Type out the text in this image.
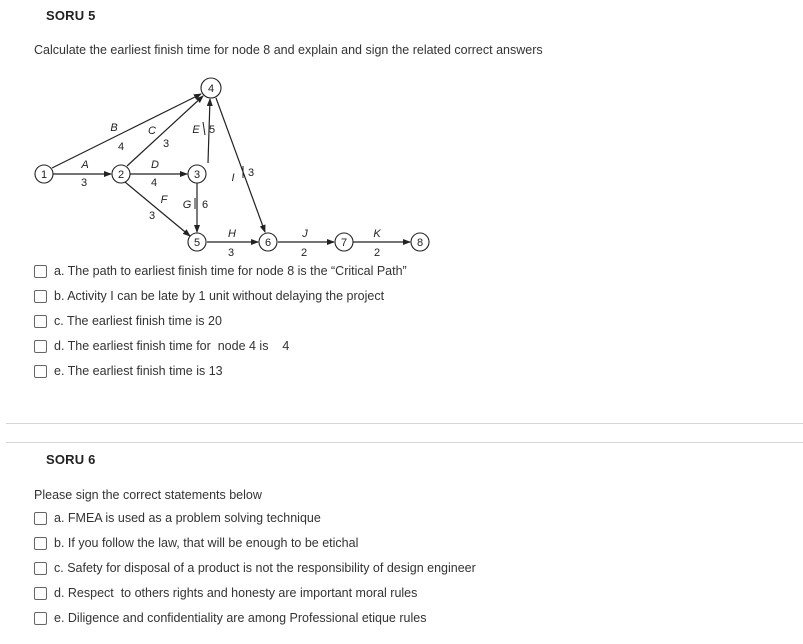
SORU 5
Calculate the earliest finish time for node 8 and explain and sign the related correct answers
1	2	3
4
5	6	7	8
A
B	C
D
E
F G
H
I
J	K
3
4	3
4
5
3
6
3
3
2	2
a. The path to earliest finish time for node 8 is the “Critical Path”
b. Activity I can be late by 1 unit without delaying the project
c. The earliest finish time is 20
d. The earliest finish time for  node 4 is    4
e. The earliest finish time is 13
SORU 6
Please sign the correct statements below
a. FMEA is used as a problem solving technique
b. If you follow the law, that will be enough to be etichal
c. Safety for disposal of a product is not the responsibility of design engineer
d. Respect  to others rights and honesty are important moral rules
e. Diligence and confidentiality are among Professional etique rules
